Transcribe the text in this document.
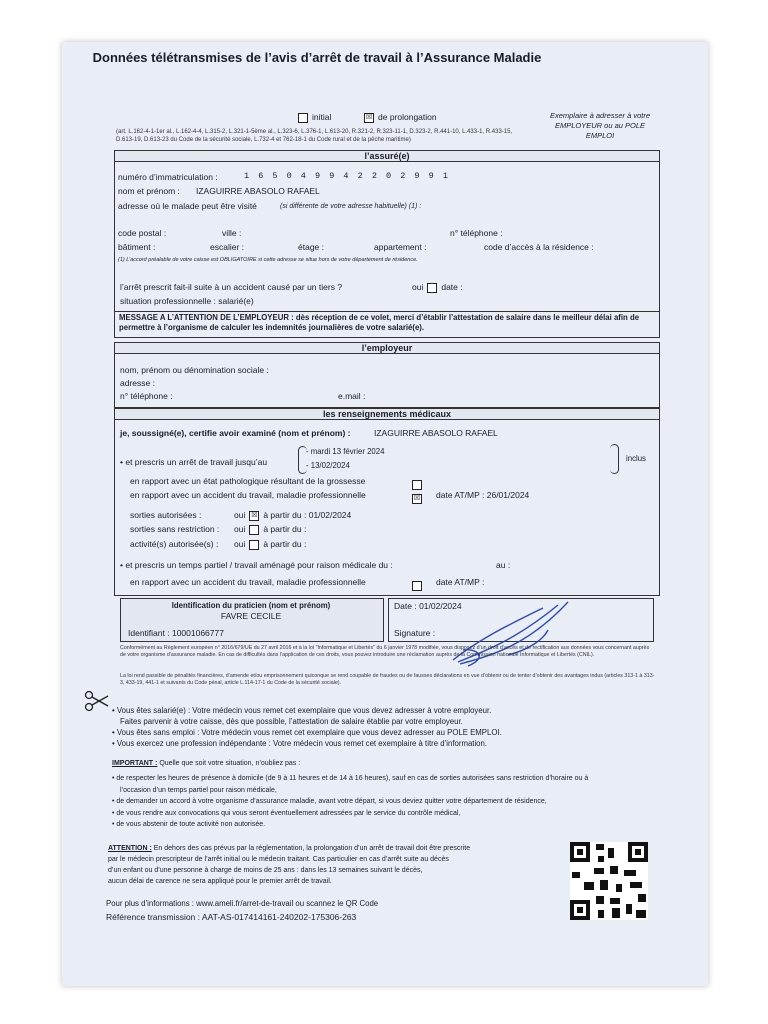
Données télétransmises de l’avis d’arrêt de travail à l’Assurance Maladie
initial	☒ de prolongation	Exemplaire à adresser à votre EMPLOYEUR ou au POLE EMPLOI
(art. L.162-4-1-1er al., L.162-4-4, L.315-2, L.321-1-5ème al., L.323-6, L.376-1, L.613-20, R.321-2, R.323-11-1, D.323-2, R.441-10, L.433-1, R.433-15, D.613-19, D.613-23 du Code de la sécurité sociale, L.732-4 et 762-18-1 du Code rural et de la pêche maritime)
l’assuré(e)
numéro d’immatriculation :	1 6 5 0 4 9 9 4 2 2 0 2 9 9 1
nom et prénom : IZAGUIRRE ABASOLO RAFAEL
adresse où le malade peut être visité	(si différente de votre adresse habituelle) (1) :
code postal :	ville :	n° téléphone :
bâtiment :	escalier :	étage :	appartement :	code d’accès à la résidence :
(1) L’accord préalable de votre caisse est OBLIGATOIRE si cette adresse se situe hors de votre département de résidence.
l’arrêt prescrit fait-il suite à un accident causé par un tiers ?	oui date :
situation professionnelle : salarié(e)
MESSAGE A L’ATTENTION DE L’EMPLOYEUR : dès réception de ce volet, merci d’établir l’attestation de salaire dans le meilleur délai afin de permettre à l’organisme de calculer les indemnités journalières de votre salarié(e).
l’employeur
nom, prénom ou dénomination sociale :
adresse :
n° téléphone :	e.mail :
les renseignements médicaux
je, soussigné(e), certifie avoir examiné (nom et prénom) :	IZAGUIRRE ABASOLO RAFAEL
• et prescris un arrêt de travail jusqu’au
- mardi 13 février 2024
- 13/02/2024
inclus
en rapport avec un état pathologique résultant de la grossesse
en rapport avec un accident du travail, maladie professionnelle	☒	date AT/MP : 26/01/2024
sorties autorisées :	oui ☒ à partir du : 01/02/2024
sorties sans restriction : oui à partir du :
activité(s) autorisée(s) : oui à partir du :
• et prescris un temps partiel / travail aménagé pour raison médicale du :	au :
en rapport avec un accident du travail, maladie professionnelle	date AT/MP :
Identification du praticien (nom et prénom)
FAVRE CECILE
Identifiant : 10001066777
Date : 01/02/2024
Signature :
Conformément au Règlement européen n° 2016/679/UE du 27 avril 2016 et à la loi "Informatique et Libertés" du 6 janvier 1978 modifiée, vous disposez d’un droit d’accès et de rectification aux données vous concernant auprès de votre organisme d’assurance maladie. En cas de difficultés dans l’application de ces droits, vous pouvez introduire une réclamation auprès de la Commission nationale Informatique et Libertés (CNIL).
La loi rend passible de pénalités financières, d’amende et/ou emprisonnement quiconque se rend coupable de fraudes ou de fausses déclarations en vue d’obtenir ou de tenter d’obtenir des avantages indus (articles 313-1 à 313-3, 433-19, 441-1 et suivants du Code pénal, article L.114-17-1 du Code de la sécurité sociale).
• Vous êtes salarié(e) : Votre médecin vous remet cet exemplaire que vous devez adresser à votre employeur.
Faites parvenir à votre caisse, dès que possible, l’attestation de salaire établie par votre employeur.
• Vous êtes sans emploi : Votre médecin vous remet cet exemplaire que vous devez adresser au POLE EMPLOI.
• Vous exercez une profession indépendante : Votre médecin vous remet cet exemplaire à titre d’information.
IMPORTANT : Quelle que soit votre situation, n’oubliez pas :
• de respecter les heures de présence à domicile (de 9 à 11 heures et de 14 à 16 heures), sauf en cas de sorties autorisées sans restriction d’horaire ou à
l’occasion d’un temps partiel pour raison médicale,
• de demander un accord à votre organisme d’assurance maladie, avant votre départ, si vous deviez quitter votre département de résidence,
• de vous rendre aux convocations qui vous seront éventuellement adressées par le service du contrôle médical,
• de vous abstenir de toute activité non autorisée.
ATTENTION : En dehors des cas prévus par la réglementation, la prolongation d’un arrêt de travail doit être prescrite
par le médecin prescripteur de l’arrêt initial ou le médecin traitant. Cas particulier en cas d’arrêt suite au décès
d’un enfant ou d’une personne à charge de moins de 25 ans : dans les 13 semaines suivant le décès,
aucun délai de carence ne sera appliqué pour le premier arrêt de travail.
Pour plus d’informations : www.ameli.fr/arret-de-travail ou scannez le QR Code
Référence transmission : AAT-AS-017414161-240202-175306-263
